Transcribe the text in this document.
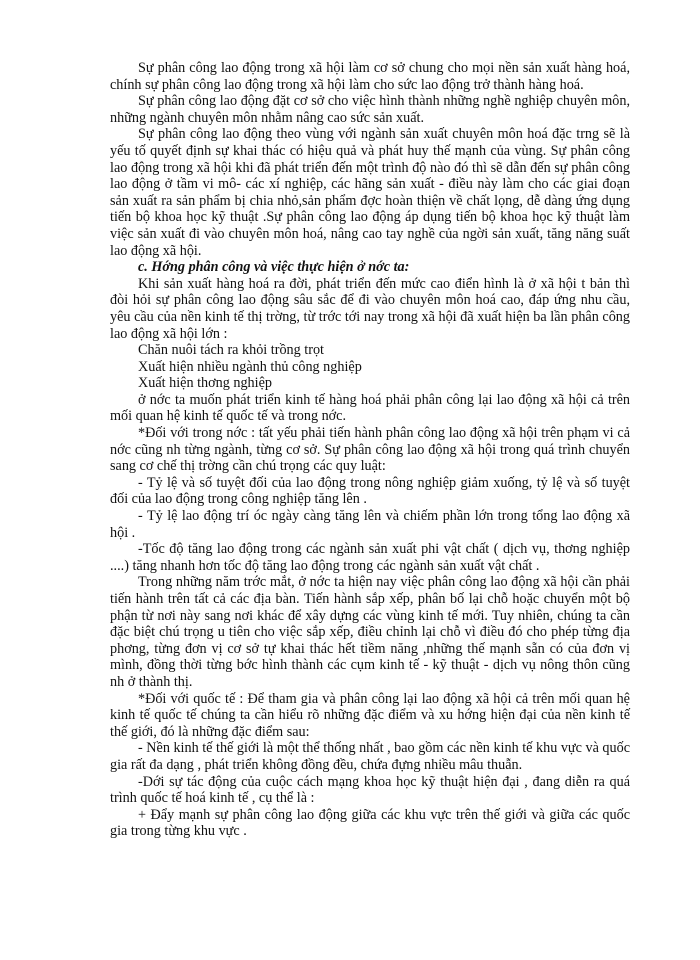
Sự phân công lao động trong xã hội làm cơ sở chung cho mọi nền sản xuất hàng hoá, chính sự phân công lao động trong xã hội làm cho sức lao động trở thành hàng hoá.

Sự phân công lao động đặt cơ sở cho việc hình thành những nghề nghiệp chuyên môn, những ngành chuyên môn nhằm nâng cao sức sản xuất.

Sự phân công lao động theo vùng với ngành sản xuất chuyên môn hoá đặc trng sẽ là yếu tố quyết định sự khai thác có hiệu quả và phát huy thế mạnh của vùng. Sự phân công lao động trong xã hội khi đã phát triển đến một trình độ nào đó thì sẽ dẫn đến sự phân công lao động ở tầm vi mô- các xí nghiệp, các hãng sản xuất - điều này làm cho các giai đoạn sản xuất ra sản phẩm bị chia nhỏ,sản phẩm đợc hoàn thiện về chất lọng, dễ dàng ứng dụng tiến bộ khoa học kỹ thuật .Sự phân công lao động áp dụng tiến bộ khoa học kỹ thuật làm việc sản xuất đi vào chuyên môn hoá, nâng cao tay nghề của ngời sản xuất, tăng năng suất lao động xã hội.

c. Hớng phân công và việc thực hiện ở nớc ta:

Khi sản xuất hàng hoá ra đời, phát triển đến mức cao điển hình là ở xã hội t bản thì đòi hỏi sự phân công lao động sâu sắc để đi vào chuyên môn hoá cao, đáp ứng nhu cầu, yêu cầu của nền kinh tế thị trờng, từ trớc tới nay trong xã hội đã xuất hiện ba lần phân công lao động xã hội lớn :

Chăn nuôi tách ra khỏi trồng trọt

Xuất hiện nhiều ngành thủ công nghiệp

Xuất hiện thơng nghiệp

ở nớc ta muốn phát triển kinh tế hàng hoá phải phân công lại lao động xã hội cả trên mối quan hệ kinh tế quốc tế và trong nớc.

*Đối với trong nớc : tất yếu phải tiến hành phân công lao động xã hội trên phạm vi cả nớc cũng nh từng ngành, từng cơ sở. Sự phân công lao động xã hội trong quá trình chuyển sang cơ chế thị trờng cần chú trọng các quy luật:

- Tỷ lệ và số tuyệt đối của lao động trong nông nghiệp giảm xuống, tỷ lệ và số tuyệt đối của lao động trong công nghiệp tăng lên .

- Tỷ lệ lao động trí óc ngày càng tăng lên và chiếm phần lớn trong tổng lao động xã hội .

-Tốc độ tăng lao động trong các ngành sản xuất phi vật chất ( dịch vụ, thơng nghiệp ....) tăng nhanh hơn tốc độ tăng lao động trong các ngành sản xuất vật chất .

Trong những năm trớc mắt, ở nớc ta hiện nay việc phân công lao động xã hội cần phải tiến hành trên tất cả các địa bàn. Tiến hành sắp xếp, phân bố lại chỗ hoặc chuyển một bộ phận từ nơi này sang nơi khác để xây dựng các vùng kinh tế mới. Tuy nhiên, chúng ta cần đặc biệt chú trọng u tiên cho việc sắp xếp, điều chỉnh lại chỗ vì điều đó cho phép từng địa phơng, từng đơn vị cơ sở tự khai thác hết tiềm năng ,những thế mạnh sẵn có của đơn vị mình, đồng thời từng bớc hình thành các cụm kinh tế - kỹ thuật - dịch vụ nông thôn cũng nh ở thành thị.

*Đối với quốc tế : Để tham gia và phân công lại lao động xã hội cả trên mối quan hệ kinh tế quốc tế chúng ta cần hiểu rõ những đặc điểm và xu hớng hiện đại của nền kinh tế thế giới, đó là những đặc điểm sau:

- Nền kinh tế thế giới là một thể thống nhất , bao gồm các nền kinh tế khu vực và quốc gia rất đa dạng , phát triển không đồng đều, chứa đựng nhiều mâu thuẫn.

-Dới sự tác động của cuộc cách mạng khoa học kỹ thuật hiện đại , đang diễn ra quá trình quốc tế hoá kinh tế , cụ thể là :

+ Đẩy mạnh sự phân công lao động giữa các khu vực trên thế giới và giữa các quốc gia trong từng khu vực .
